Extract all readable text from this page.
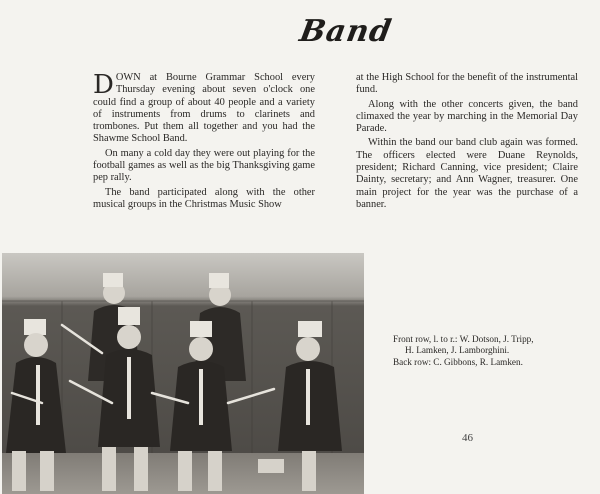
Band

DOWN at Bourne Grammar School every Thursday evening about seven o'clock one could find a group of about 40 people and a variety of instruments from drums to clarinets and trombones. Put them all together and you had the Shawme School Band.

On many a cold day they were out playing for the football games as well as the big Thanksgiving game pep rally.

The band participated along with the other musical groups in the Christmas Music Show

at the High School for the benefit of the instrumental fund.

Along with the other concerts given, the band climaxed the year by marching in the Memorial Day Parade.

Within the band our band club again was formed. The officers elected were Duane Reynolds, president; Richard Canning, vice president; Claire Dainty, secretary; and Ann Wagner, treasurer. One main project for the year was the purchase of a banner.

Front row, l. to r.: W. Dotson, J. Tripp,
H. Lamken, J. Lamborghini.
Back row: C. Gibbons, R. Lamken.
46
